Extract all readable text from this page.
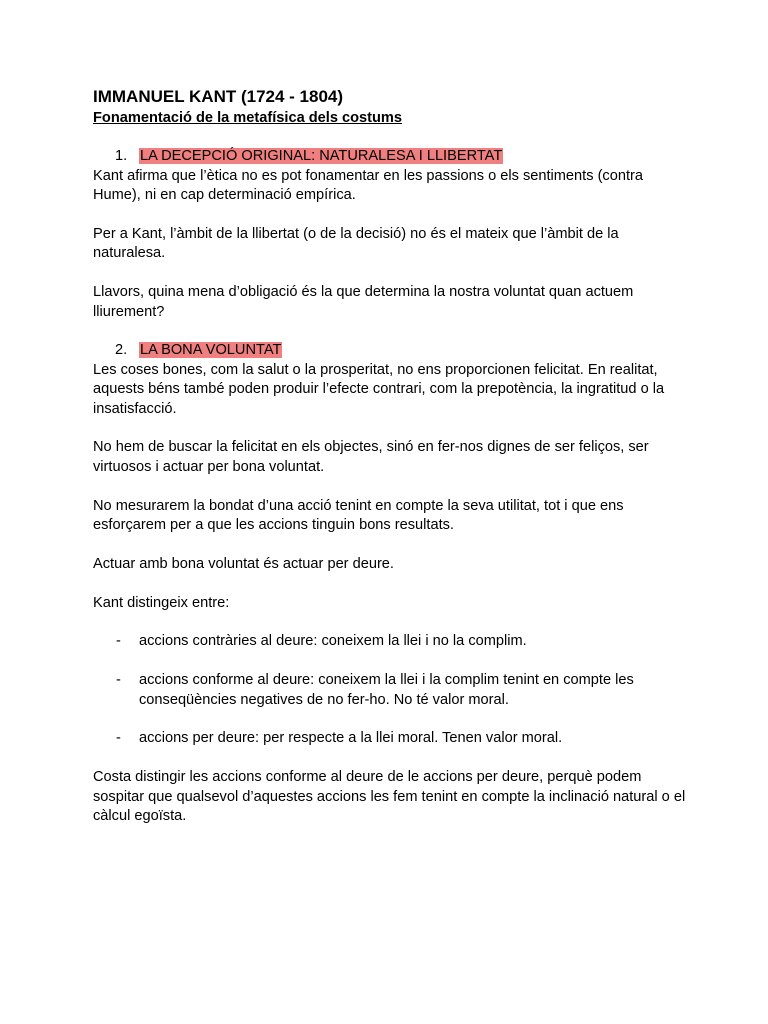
IMMANUEL KANT (1724 - 1804)
Fonamentació de la metafísica dels costums
1. LA DECEPCIÓ ORIGINAL: NATURALESA I LLIBERTAT

Kant afirma que l’ètica no es pot fonamentar en les passions o els sentiments (contra Hume), ni en cap determinació empírica.

Per a Kant, l’àmbit de la llibertat (o de la decisió) no és el mateix que l’àmbit de la naturalesa.

Llavors, quina mena d’obligació és la que determina la nostra voluntat quan actuem lliurement?

2. LA BONA VOLUNTAT

Les coses bones, com la salut o la prosperitat, no ens proporcionen felicitat. En realitat, aquests béns també poden produir l’efecte contrari, com la prepotència, la ingratitud o la insatisfacció.

No hem de buscar la felicitat en els objectes, sinó en fer-nos dignes de ser feliços, ser virtuosos i actuar per bona voluntat.

No mesurarem la bondat d’una acció tenint en compte la seva utilitat, tot i que ens esforçarem per a que les accions tinguin bons resultats.

Actuar amb bona voluntat és actuar per deure.

Kant distingeix entre:

- accions contràries al deure: coneixem la llei i no la complim.
- accions conforme al deure: coneixem la llei i la complim tenint en compte les conseqüències negatives de no fer-ho. No té valor moral.
- accions per deure: per respecte a la llei moral. Tenen valor moral.

Costa distingir les accions conforme al deure de le accions per deure, perquè podem sospitar que qualsevol d’aquestes accions les fem tenint en compte la inclinació natural o el càlcul egoïsta.
